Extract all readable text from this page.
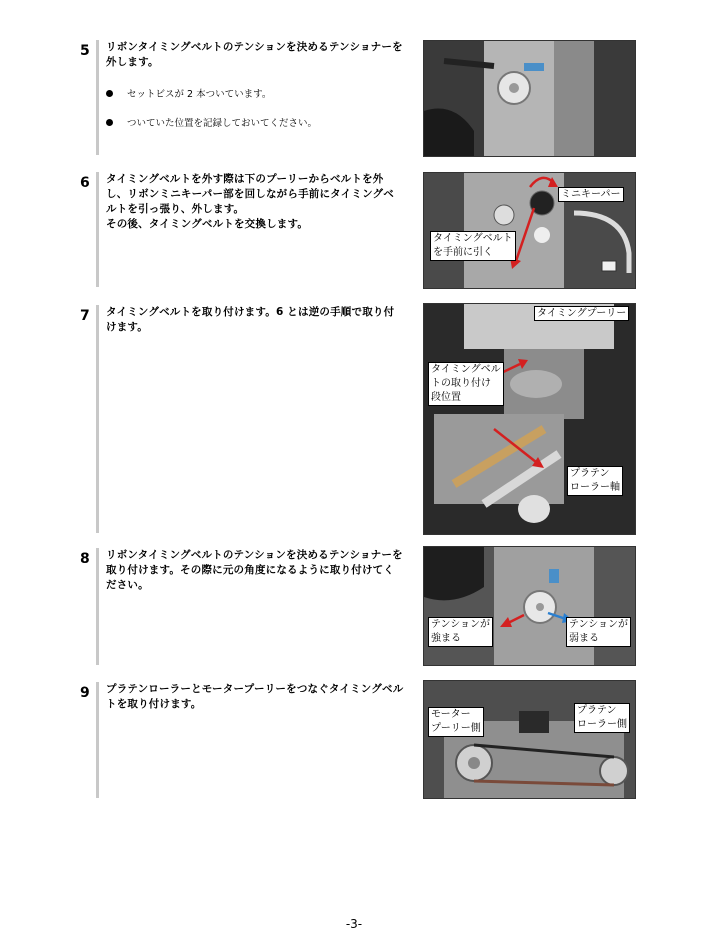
5 リボンタイミングベルトのテンションを決めるテンショナーを
外します。
セットビスが 2 本ついています。
ついていた位置を記録しておいてください。
6 タイミングベルトを外す際は下のプーリーからベルトを外
し、リボンミニキーパー部を回しながら手前にタイミングベ
ルトを引っ張り、外します。
その後、タイミングベルトを交換します。
ミニキーパー
タイミングベルト
を手前に引く
7 タイミングベルトを取り付けます。6 とは逆の手順で取り付
けます。
タイミングプーリー
タイミングベル
トの取り付け
段位置
プラテン
ローラー軸
8 リボンタイミングベルトのテンションを決めるテンショナーを
取り付けます。その際に元の角度になるように取り付けてく
ださい。
テンションが
強まる
テンションが
弱まる
9 プラテンローラーとモータープーリーをつなぐタイミングベル
トを取り付けます。
モーター
プーリー側
プラテン
ローラー側
-3-
